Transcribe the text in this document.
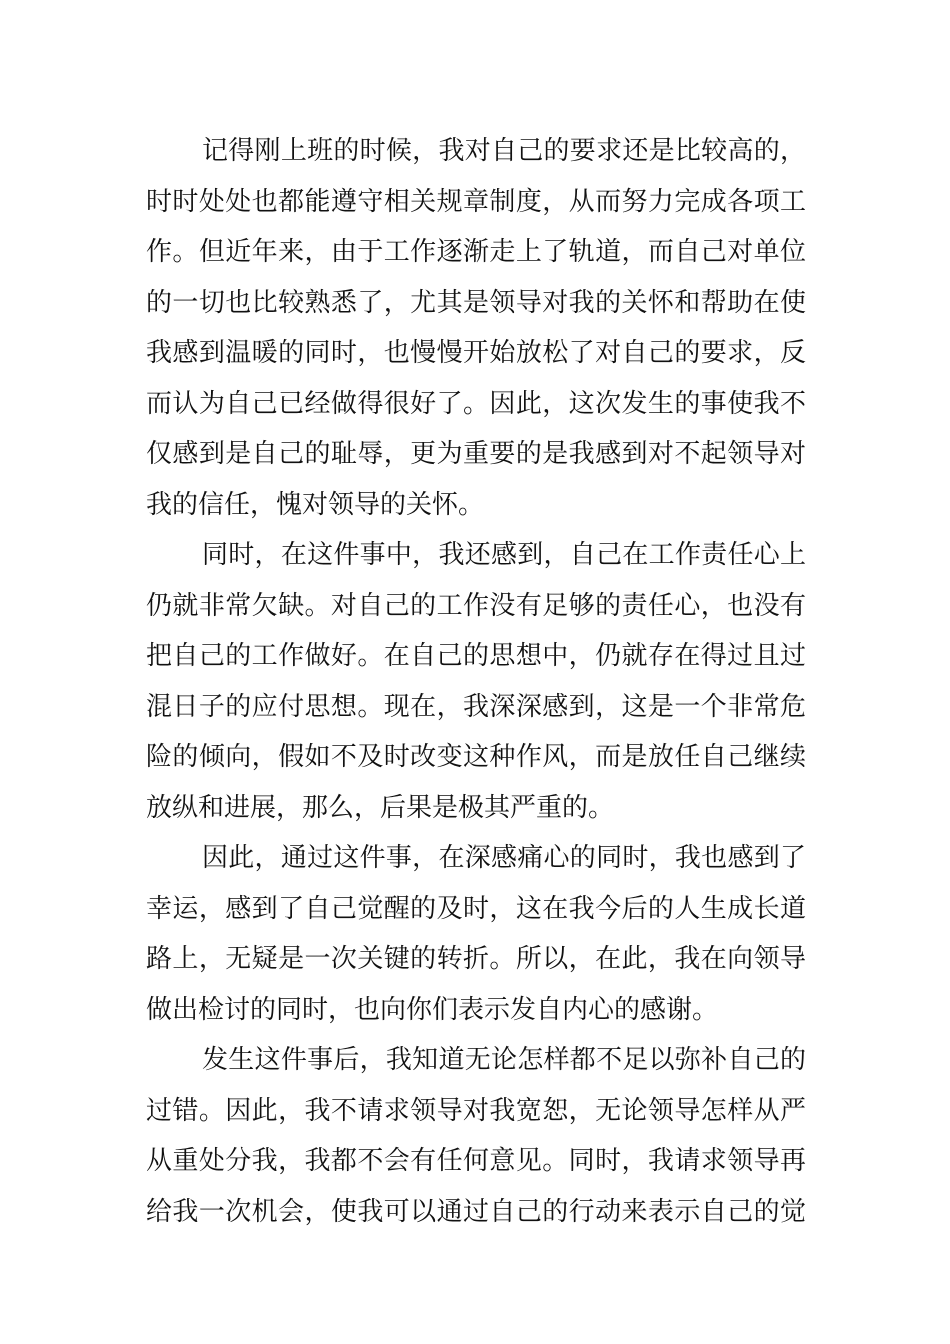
记得刚上班的时候，我对自己的要求还是比较高的，
时时处处也都能遵守相关规章制度，从而努力完成各项工
作。但近年来，由于工作逐渐走上了轨道，而自己对单位
的一切也比较熟悉了，尤其是领导对我的关怀和帮助在使
我感到温暖的同时，也慢慢开始放松了对自己的要求，反
而认为自己已经做得很好了。因此，这次发生的事使我不
仅感到是自己的耻辱，更为重要的是我感到对不起领导对
我的信任，愧对领导的关怀。
同时，在这件事中，我还感到，自己在工作责任心上
仍就非常欠缺。对自己的工作没有足够的责任心，也没有
把自己的工作做好。在自己的思想中，仍就存在得过且过
混日子的应付思想。现在，我深深感到，这是一个非常危
险的倾向，假如不及时改变这种作风，而是放任自己继续
放纵和进展，那么，后果是极其严重的。
因此，通过这件事，在深感痛心的同时，我也感到了
幸运，感到了自己觉醒的及时，这在我今后的人生成长道
路上，无疑是一次关键的转折。所以，在此，我在向领导
做出检讨的同时，也向你们表示发自内心的感谢。
发生这件事后，我知道无论怎样都不足以弥补自己的
过错。因此，我不请求领导对我宽恕，无论领导怎样从严
从重处分我，我都不会有任何意见。同时，我请求领导再
给我一次机会，使我可以通过自己的行动来表示自己的觉
